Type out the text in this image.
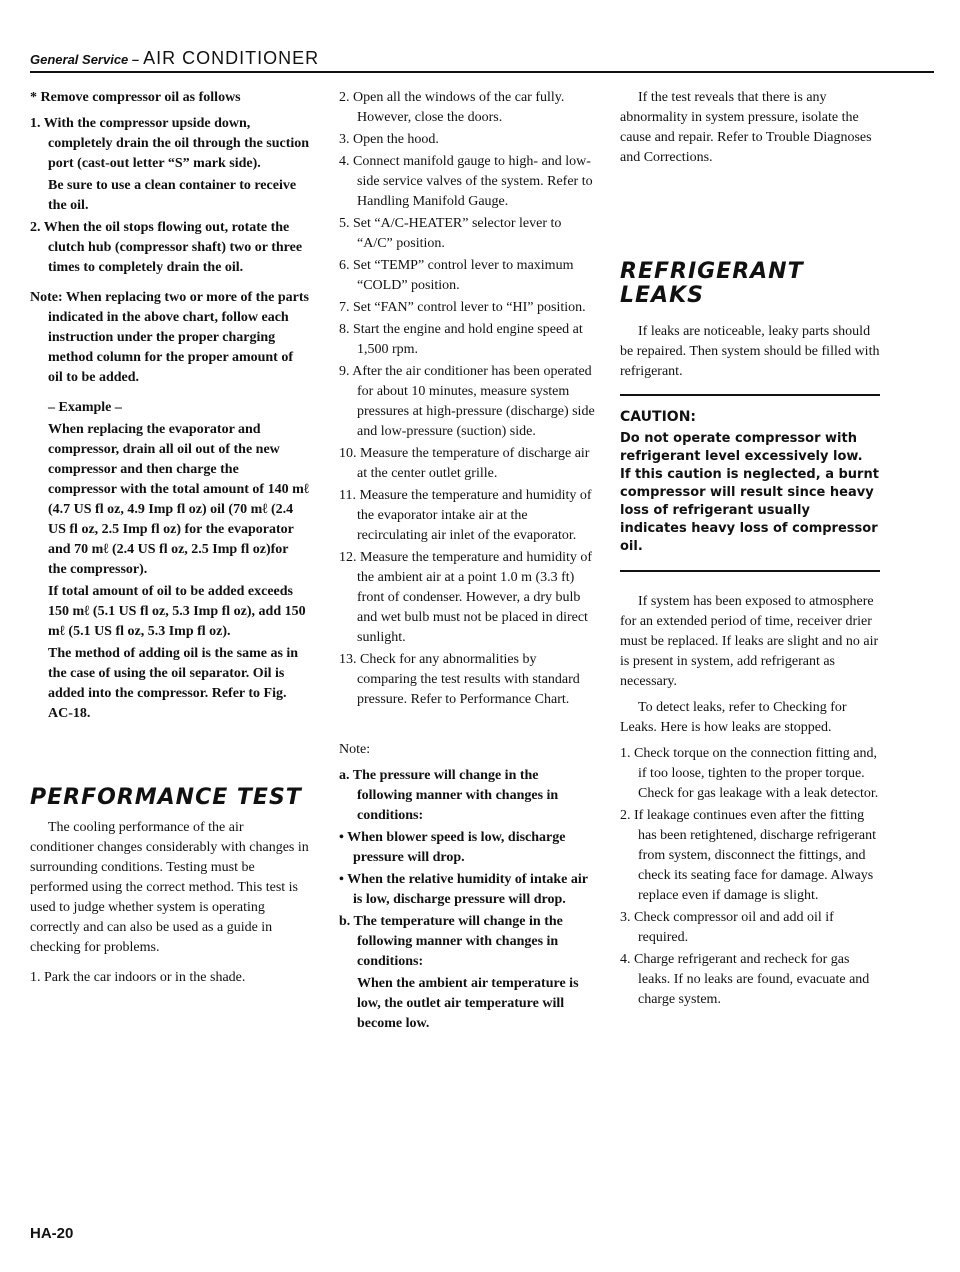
General Service – AIR CONDITIONER

* Remove compressor oil as follows

1. With the compressor upside down, completely drain the oil through the suction port (cast-out letter “S” mark side).

Be sure to use a clean container to receive the oil.

2. When the oil stops flowing out, rotate the clutch hub (compressor shaft) two or three times to completely drain the oil.

Note: When replacing two or more of the parts indicated in the above chart, follow each instruction under the proper charging method column for the proper amount of oil to be added.

– Example –

When replacing the evaporator and compressor, drain all oil out of the new compressor and then charge the compressor with the total amount of 140 mℓ (4.7 US fl oz, 4.9 Imp fl oz) oil (70 mℓ (2.4 US fl oz, 2.5 Imp fl oz) for the evaporator and 70 mℓ (2.4 US fl oz, 2.5 Imp fl oz)for the compressor).

If total amount of oil to be added exceeds 150 mℓ (5.1 US fl oz, 5.3 Imp fl oz), add 150 mℓ (5.1 US fl oz, 5.3 Imp fl oz).

The method of adding oil is the same as in the case of using the oil separator. Oil is added into the compressor. Refer to Fig. AC-18.

PERFORMANCE TEST

The cooling performance of the air conditioner changes considerably with changes in surrounding conditions. Testing must be performed using the correct method. This test is used to judge whether system is operating correctly and can also be used as a guide in checking for problems.

1. Park the car indoors or in the shade.

2. Open all the windows of the car fully. However, close the doors.

3. Open the hood.

4. Connect manifold gauge to high- and low-side service valves of the system. Refer to Handling Manifold Gauge.

5. Set “A/C-HEATER” selector lever to “A/C” position.

6. Set “TEMP” control lever to maximum “COLD” position.

7. Set “FAN” control lever to “HI” position.

8. Start the engine and hold engine speed at 1,500 rpm.

9. After the air conditioner has been operated for about 10 minutes, measure system pressures at high-pressure (discharge) side and low-pressure (suction) side.

10. Measure the temperature of discharge air at the center outlet grille.

11. Measure the temperature and humidity of the evaporator intake air at the recirculating air inlet of the evaporator.

12. Measure the temperature and humidity of the ambient air at a point 1.0 m (3.3 ft) front of condenser. However, a dry bulb and wet bulb must not be placed in direct sunlight.

13. Check for any abnormalities by comparing the test results with standard pressure. Refer to Performance Chart.

Note:

a. The pressure will change in the following manner with changes in conditions:

• When blower speed is low, discharge pressure will drop.

• When the relative humidity of intake air is low, discharge pressure will drop.

b. The temperature will change in the following manner with changes in conditions:

When the ambient air temperature is low, the outlet air temperature will become low.

If the test reveals that there is any abnormality in system pressure, isolate the cause and repair. Refer to Trouble Diagnoses and Corrections.

REFRIGERANT
LEAKS

If leaks are noticeable, leaky parts should be repaired. Then system should be filled with refrigerant.

CAUTION:
Do not operate compressor with refrigerant level excessively low.
If this caution is neglected, a burnt compressor will result since heavy loss of refrigerant usually indicates heavy loss of compressor oil.

If system has been exposed to atmosphere for an extended period of time, receiver drier must be replaced. If leaks are slight and no air is present in system, add refrigerant as necessary.

To detect leaks, refer to Checking for Leaks. Here is how leaks are stopped.

1. Check torque on the connection fitting and, if too loose, tighten to the proper torque. Check for gas leakage with a leak detector.

2. If leakage continues even after the fitting has been retightened, discharge refrigerant from system, disconnect the fittings, and check its seating face for damage. Always replace even if damage is slight.

3. Check compressor oil and add oil if required.

4. Charge refrigerant and recheck for gas leaks. If no leaks are found, evacuate and charge system.

HA-20
